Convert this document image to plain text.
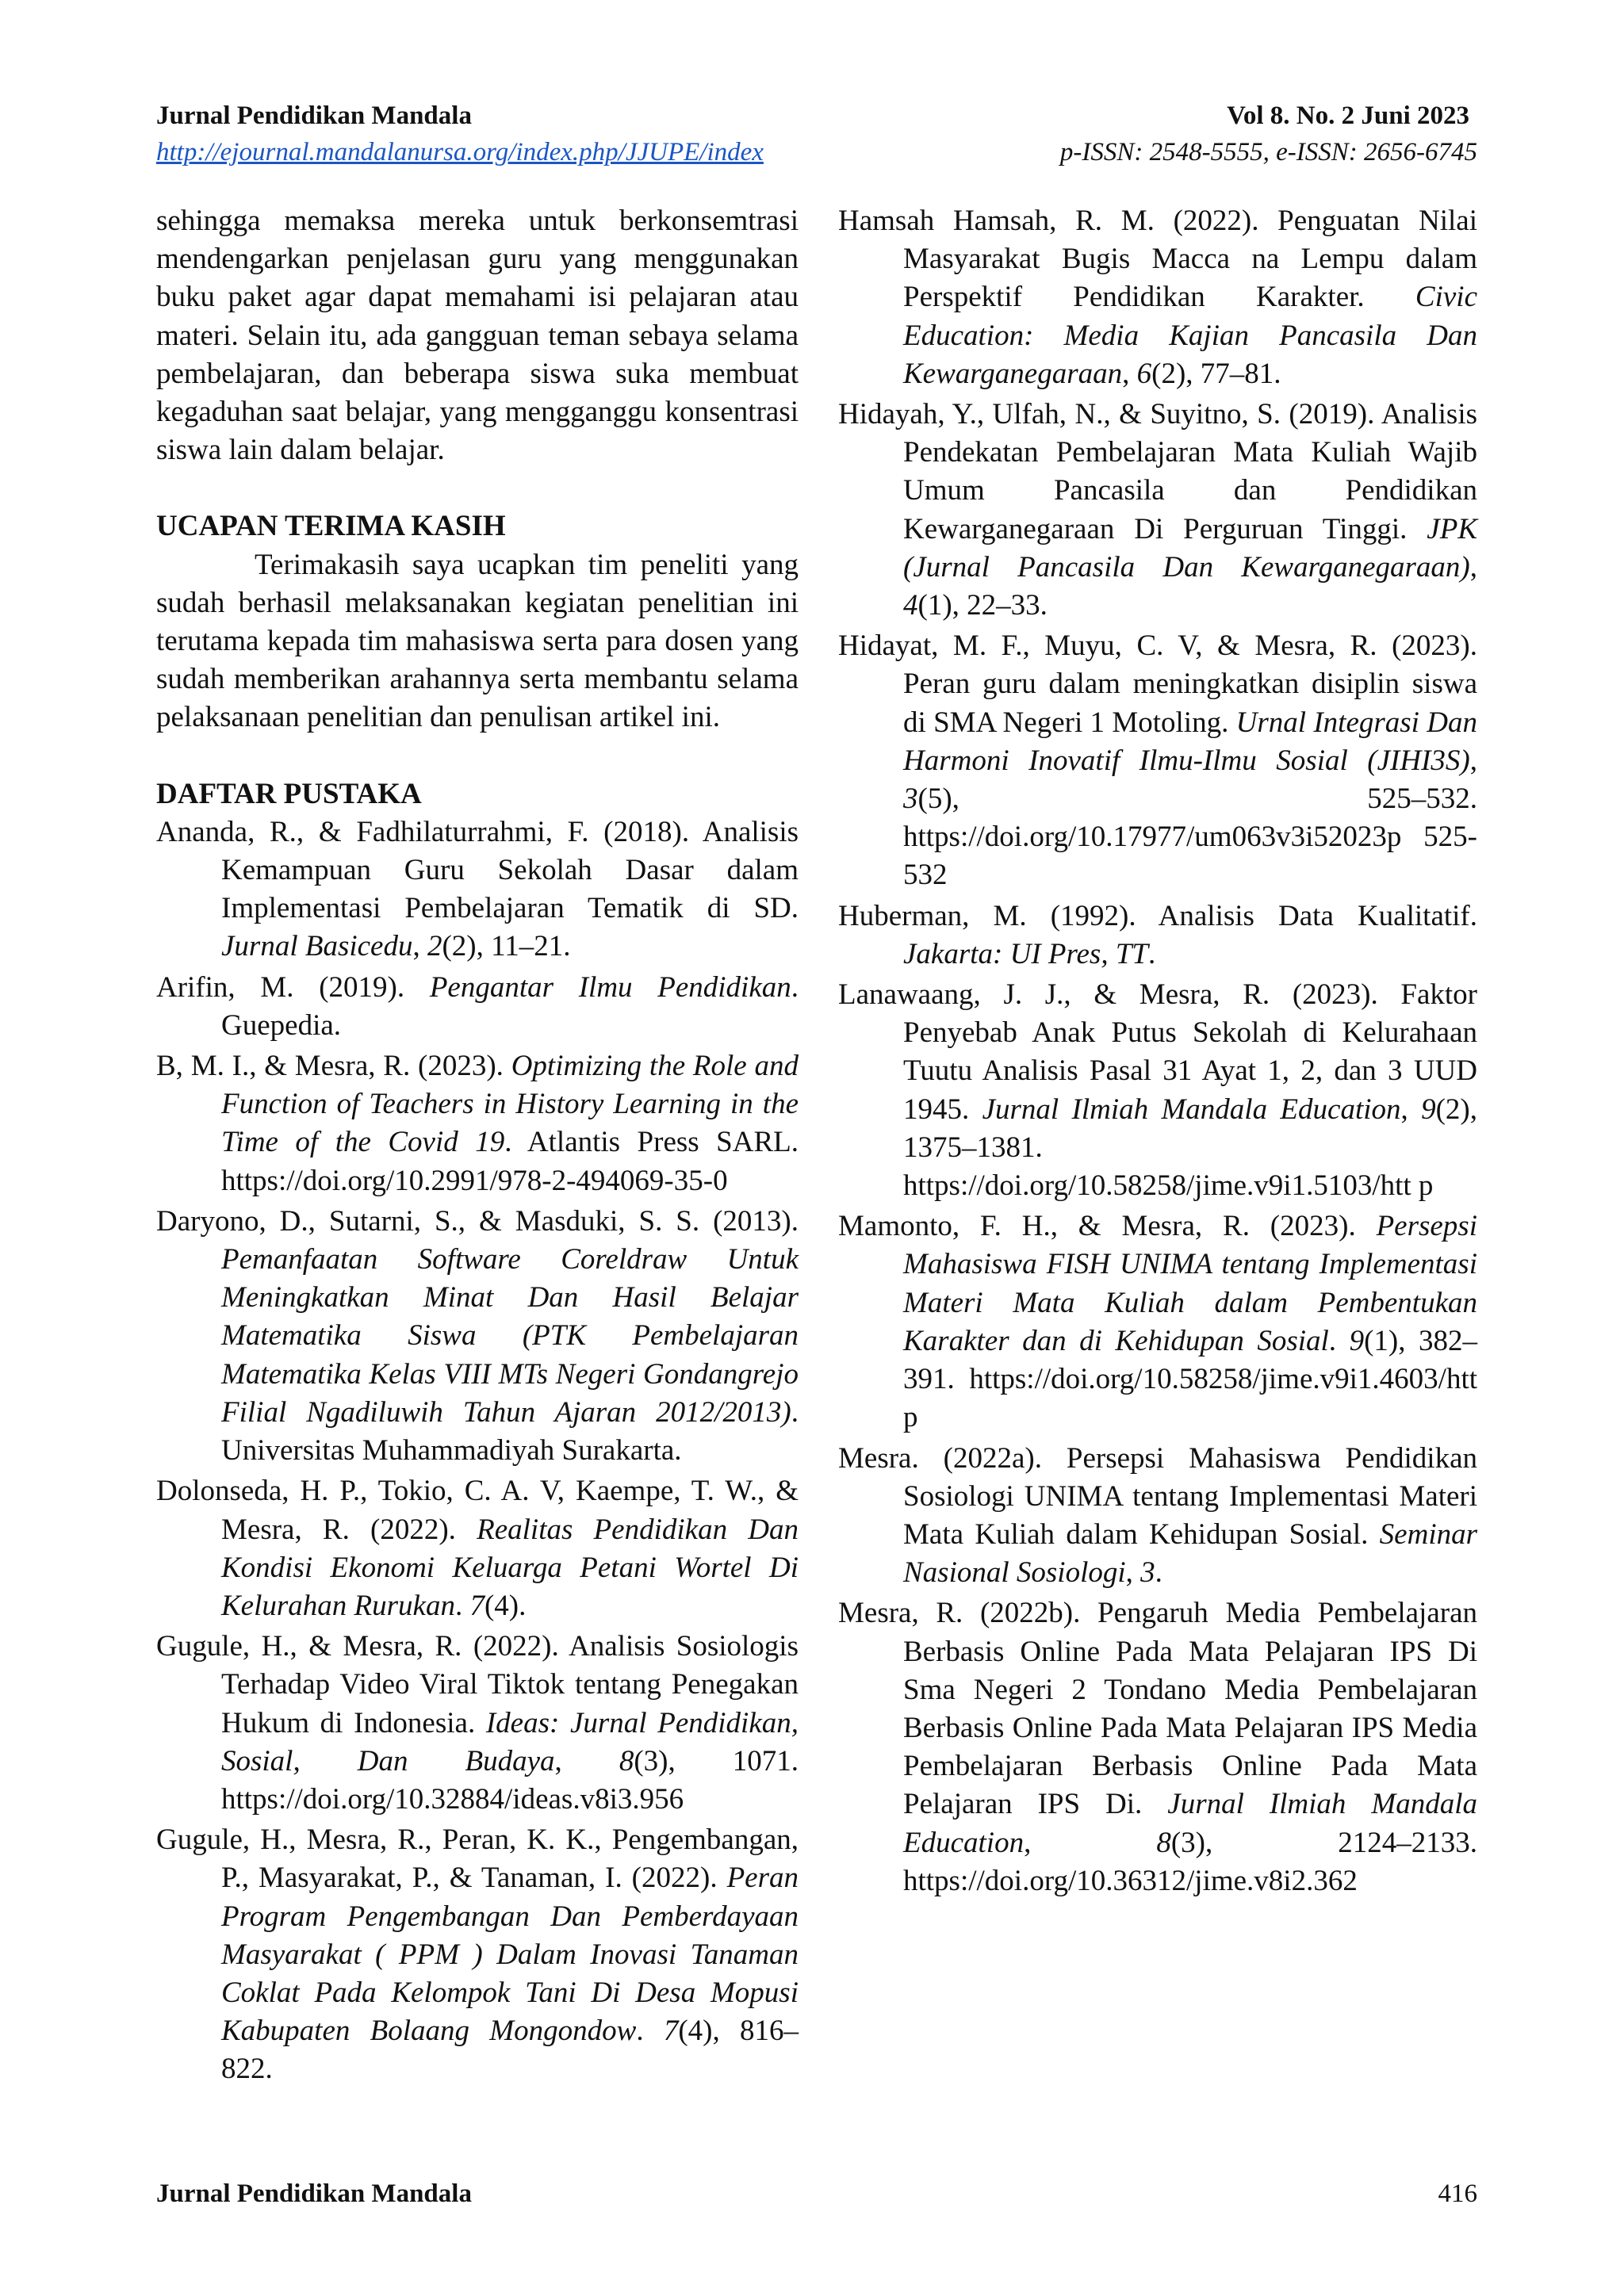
Jurnal Pendidikan Mandala	Vol 8. No. 2 Juni 2023
http://ejournal.mandalanursa.org/index.php/JJUPE/index	p-ISSN: 2548-5555, e-ISSN: 2656-6745

sehingga memaksa mereka untuk berkonsemtrasi mendengarkan penjelasan guru yang menggunakan buku paket agar dapat memahami isi pelajaran atau materi. Selain itu, ada gangguan teman sebaya selama pembelajaran, dan beberapa siswa suka membuat kegaduhan saat belajar, yang mengganggu konsentrasi siswa lain dalam belajar.

UCAPAN TERIMA KASIH

Terimakasih saya ucapkan tim peneliti yang sudah berhasil melaksanakan kegiatan penelitian ini terutama kepada tim mahasiswa serta para dosen yang sudah memberikan arahannya serta membantu selama pelaksanaan penelitian dan penulisan artikel ini.

DAFTAR PUSTAKA

Ananda, R., & Fadhilaturrahmi, F. (2018). Analisis Kemampuan Guru Sekolah Dasar dalam Implementasi Pembelajaran Tematik di SD. Jurnal Basicedu, 2(2), 11–21.

Arifin, M. (2019). Pengantar Ilmu Pendidikan. Guepedia.

B, M. I., & Mesra, R. (2023). Optimizing the Role and Function of Teachers in History Learning in the Time of the Covid 19. Atlantis Press SARL. https://doi.org/10.2991/978-2-494069-35-0

Daryono, D., Sutarni, S., & Masduki, S. S. (2013). Pemanfaatan Software Coreldraw Untuk Meningkatkan Minat Dan Hasil Belajar Matematika Siswa (PTK Pembelajaran Matematika Kelas VIII MTs Negeri Gondangrejo Filial Ngadiluwih Tahun Ajaran 2012/2013). Universitas Muhammadiyah Surakarta.

Dolonseda, H. P., Tokio, C. A. V, Kaempe, T. W., & Mesra, R. (2022). Realitas Pendidikan Dan Kondisi Ekonomi Keluarga Petani Wortel Di Kelurahan Rurukan. 7(4).

Gugule, H., & Mesra, R. (2022). Analisis Sosiologis Terhadap Video Viral Tiktok tentang Penegakan Hukum di Indonesia. Ideas: Jurnal Pendidikan, Sosial, Dan Budaya, 8(3), 1071. https://doi.org/10.32884/ideas.v8i3.956

Gugule, H., Mesra, R., Peran, K. K., Pengembangan, P., Masyarakat, P., & Tanaman, I. (2022). Peran Program Pengembangan Dan Pemberdayaan Masyarakat ( PPM ) Dalam Inovasi Tanaman Coklat Pada Kelompok Tani Di Desa Mopusi Kabupaten Bolaang Mongondow. 7(4), 816–822.

Hamsah Hamsah, R. M. (2022). Penguatan Nilai Masyarakat Bugis Macca na Lempu dalam Perspektif Pendidikan Karakter. Civic Education: Media Kajian Pancasila Dan Kewarganegaraan, 6(2), 77–81.

Hidayah, Y., Ulfah, N., & Suyitno, S. (2019). Analisis Pendekatan Pembelajaran Mata Kuliah Wajib Umum Pancasila dan Pendidikan Kewarganegaraan Di Perguruan Tinggi. JPK (Jurnal Pancasila Dan Kewarganegaraan), 4(1), 22–33.

Hidayat, M. F., Muyu, C. V, & Mesra, R. (2023). Peran guru dalam meningkatkan disiplin siswa di SMA Negeri 1 Motoling. Urnal Integrasi Dan Harmoni Inovatif Ilmu-Ilmu Sosial (JIHI3S), 3(5), 525–532. https://doi.org/10.17977/um063v3i52023p 525-532

Huberman, M. (1992). Analisis Data Kualitatif. Jakarta: UI Pres, TT.

Lanawaang, J. J., & Mesra, R. (2023). Faktor Penyebab Anak Putus Sekolah di Kelurahaan Tuutu Analisis Pasal 31 Ayat 1, 2, dan 3 UUD 1945. Jurnal Ilmiah Mandala Education, 9(2), 1375–1381. https://doi.org/10.58258/jime.v9i1.5103/htt p

Mamonto, F. H., & Mesra, R. (2023). Persepsi Mahasiswa FISH UNIMA tentang Implementasi Materi Mata Kuliah dalam Pembentukan Karakter dan di Kehidupan Sosial. 9(1), 382–391. https://doi.org/10.58258/jime.v9i1.4603/htt p

Mesra. (2022a). Persepsi Mahasiswa Pendidikan Sosiologi UNIMA tentang Implementasi Materi Mata Kuliah dalam Kehidupan Sosial. Seminar Nasional Sosiologi, 3.

Mesra, R. (2022b). Pengaruh Media Pembelajaran Berbasis Online Pada Mata Pelajaran IPS Di Sma Negeri 2 Tondano Media Pembelajaran Berbasis Online Pada Mata Pelajaran IPS Media Pembelajaran Berbasis Online Pada Mata Pelajaran IPS Di. Jurnal Ilmiah Mandala Education, 8(3), 2124–2133. https://doi.org/10.36312/jime.v8i2.362

Jurnal Pendidikan Mandala	416
